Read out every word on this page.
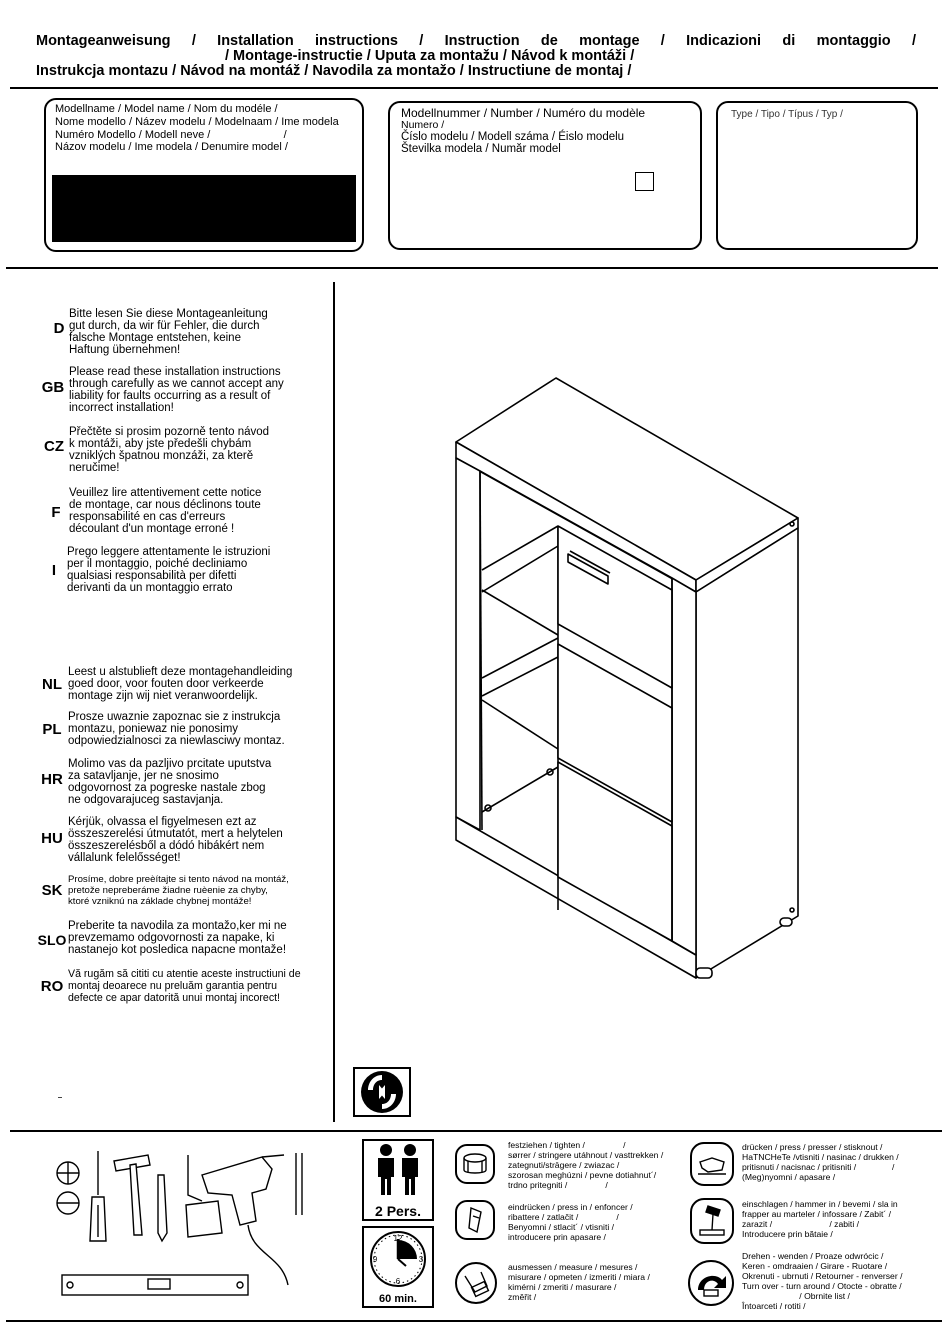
Montageanweisung / Installation instructions / Instruction de montage / Indicazioni di montaggio /
/ Montage-instructie / Uputa za montažu / Návod k montáži /
Instrukcja montazu / Návod na montáž / Navodila za montažo / Instructiune de montaj /
Modellname / Model name / Nom du modéle /
Nome modello / Název modelu / Modelnaam / Ime modela
Numéro Modello / Modell neve /                        /
Názov modelu / Ime modela / Denumire model /
Modellnummer / Number / Numéro du modèle
Numero /
Číslo modelu / Modell száma / Éislo modelu
Številka modela / Număr model
Type / Tipo / Típus / Typ /
D
Bitte lesen Sie diese Montageanleitung
gut durch, da wir für Fehler, die durch
falsche Montage entstehen, keine
Haftung übernehmen!
GB
Please read these installation instructions
through carefully as we cannot accept any
liability for faults occurring as a result of
incorrect installation!
CZ
Přečtěte si prosim pozorně tento návod
k montáži, aby jste předešli chybám
vzniklých špatnou monzáži, za kterě
neručime!
F
Veuillez lire attentivement cette notice
de montage, car nous déclinons toute
responsabilité en cas d'erreurs
découlant d'un montage erroné !
I
Prego leggere attentamente le istruzioni
per il montaggio, poiché decliniamo
qualsiasi responsabilità per difetti
derivanti da un montaggio errato
NL
Leest u alstublieft deze montagehandleiding
goed door, voor fouten door verkeerde
montage zijn wij niet veranwoordelijk.
PL
Prosze uwaznie zapoznac sie z instrukcja
montazu, poniewaz nie ponosimy
odpowiedzialnosci za niewlasciwy montaz.
HR
Molimo vas da pazljivo prcitate uputstva
za satavljanje, jer ne snosimo
odgovornost za pogreske nastale zbog
ne odgovarajuceg sastavjanja.
HU
Kérjük, olvassa el figyelmesen ezt az
összeszerelési útmutatót, mert a helytelen
összeszerelésből a dódó hibákért nem
vállalunk felelősséget!
SK
Prosíme, dobre preèítajte si tento návod na montáž,
pretože nepreberáme žiadne ruèenie za chyby,
ktoré vzniknú na základe chybnej montáže!
SLO
Preberite ta navodila za montažo,ker mi ne
prevzemamo odgovornosti za napake, ki
nastanejo kot posledica napacne montaže!
RO
Vă rugăm să cititi cu atentie aceste instructiuni de
montaj deoarece nu preluăm garantia pentru
defecte ce apar datorită unui montaj incorect!
2 Pers.
12
3
6
9
60 min.
festziehen / tighten /                /
sørrer / stringere utáhnout / vasttrekken /
zategnuti/strāgere / zwiazac /
szorosan meghúzni / pevne dotiahnut´/
trdno pritegniti /                /
eindrücken / press in / enfoncer /
ribattere / zatlačit /                /
Benyomni / stlacit´ / vtisniti /
introducere prin apasare /
ausmessen / measure / mesures /
misurare / opmeten / izmeriti / miara /
kimérni / zmeriti / masurare /
změřit /
drücken / press / presser / stisknout /
HaTNCHeTe /vtisniti / nasinac / drukken /
pritisnuti / nacisnac / pritisniti /               /
(Meg)nyomni / apasare /
einschlagen / hammer in / bevemi / sla in
frapper au marteler / infossare / Zabit´ /
zarazit /                        / zabiti /
Introducere prin bătaie /
Drehen - wenden / Proaze odwrócic /
Keren - omdraaien / Girare - Ruotare /
Okrenuti - ubrnuti / Retourner - renverser /
Turn over - turn around / Otocte - obratte /
/ Obrnite list /
Întoarceti / rotiti /
